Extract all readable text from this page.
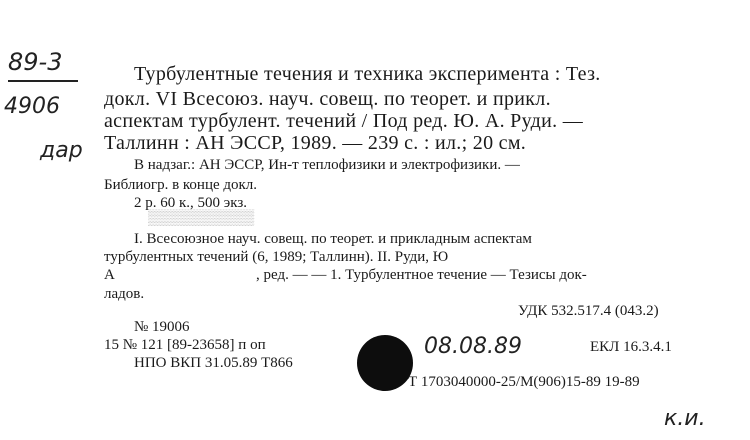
89-3
4906
дар
Турбулентные течения и техника эксперимента : Тез.
докл. VI Всесоюз. науч. совещ. по теорет. и прикл.
аспектам турбулент. течений / Под ред. Ю. А. Руди. —
Таллинн : АН ЭССР, 1989. — 239 с. : ил.; 20 см.
В надзаг.: АН ЭССР, Ин-т теплофизики и электрофизики. —
Библиогр. в конце докл.
2 р. 60 к., 500 экз.
▒▒▒▒▒▒▒▒▒▒
I. Всесоюзное науч. совещ. по теорет. и прикладным аспектам
турбулентных течений (6, 1989; Таллинн). II. Руди, Ю
А	, ред. — — 1. Турбулентное течение — Тезисы док-
ладов.
УДК 532.517.4 (043.2)
№ 19006
15 № 121 [89-23658] п оп
НПО ВКП 31.05.89 Т866
08.08.89	ЕКЛ 16.3.4.1
Т 1703040000-25/М(906)15-89 19-89
к.и.
